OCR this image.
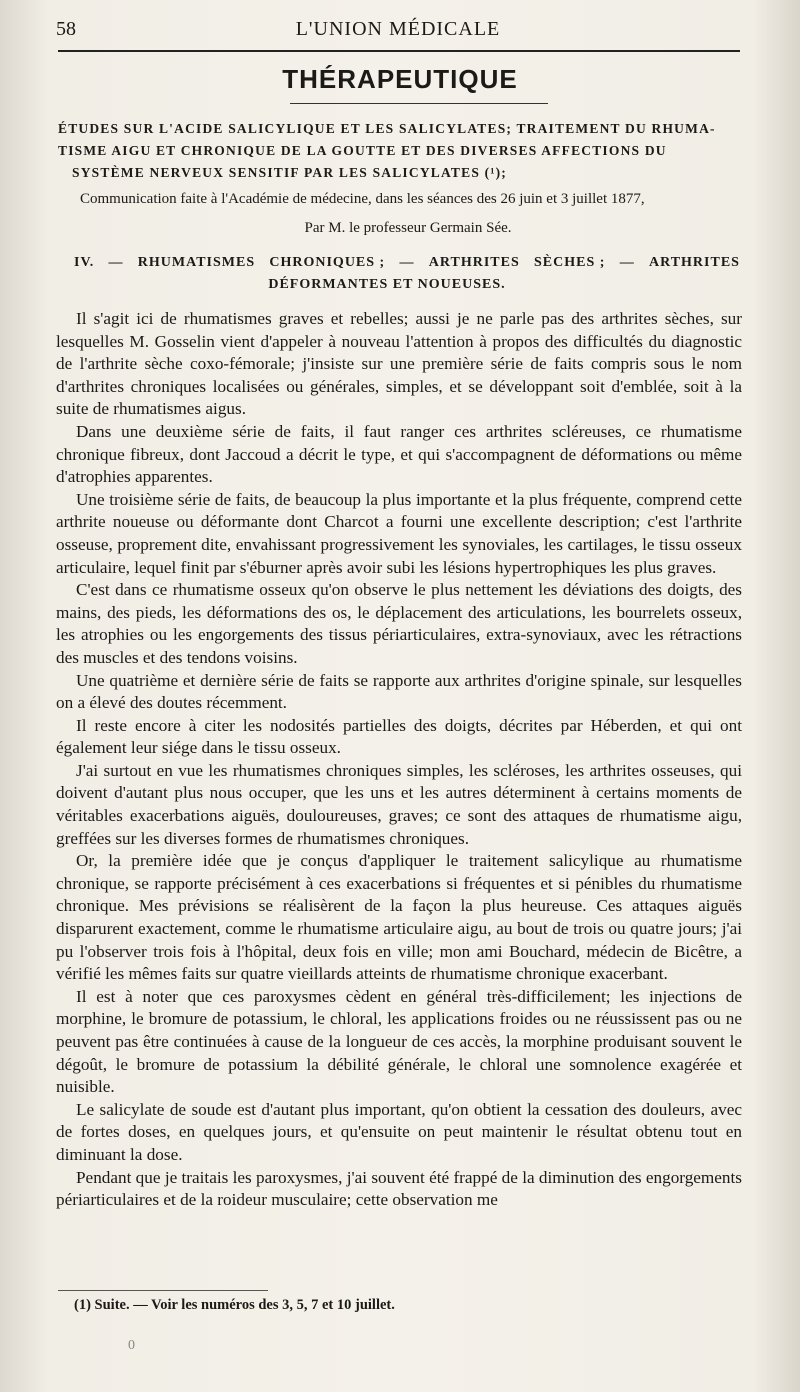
58	L'UNION MÉDICALE
THÉRAPEUTIQUE
ÉTUDES SUR L'ACIDE SALICYLIQUE ET LES SALICYLATES; TRAITEMENT DU RHUMA-
TISME AIGU ET CHRONIQUE DE LA GOUTTE ET DES DIVERSES AFFECTIONS DU
SYSTÈME NERVEUX SENSITIF PAR LES SALICYLATES (¹);
Communication faite à l'Académie de médecine, dans les séances des 26 juin et 3 juillet 1877,
Par M. le professeur Germain Sée.
IV. — RHUMATISMES CHRONIQUES ; — ARTHRITES SÈCHES ; — ARTHRITES
DÉFORMANTES ET NOUEUSES.

Il s'agit ici de rhumatismes graves et rebelles; aussi je ne parle pas des arthrites sèches, sur lesquelles M. Gosselin vient d'appeler à nouveau l'attention à propos des difficultés du diagnostic de l'arthrite sèche coxo-fémorale; j'insiste sur une première série de faits compris sous le nom d'arthrites chroniques localisées ou générales, simples, et se développant soit d'emblée, soit à la suite de rhumatismes aigus.

Dans une deuxième série de faits, il faut ranger ces arthrites scléreuses, ce rhumatisme chronique fibreux, dont Jaccoud a décrit le type, et qui s'accompagnent de déformations ou même d'atrophies apparentes.

Une troisième série de faits, de beaucoup la plus importante et la plus fréquente, comprend cette arthrite noueuse ou déformante dont Charcot a fourni une excellente description; c'est l'arthrite osseuse, proprement dite, envahissant progressivement les synoviales, les cartilages, le tissu osseux articulaire, lequel finit par s'éburner après avoir subi les lésions hypertrophiques les plus graves.

C'est dans ce rhumatisme osseux qu'on observe le plus nettement les déviations des doigts, des mains, des pieds, les déformations des os, le déplacement des articulations, les bourrelets osseux, les atrophies ou les engorgements des tissus périarticulaires, extra-synoviaux, avec les rétractions des muscles et des tendons voisins.

Une quatrième et dernière série de faits se rapporte aux arthrites d'origine spinale, sur lesquelles on a élevé des doutes récemment.

Il reste encore à citer les nodosités partielles des doigts, décrites par Héberden, et qui ont également leur siége dans le tissu osseux.

J'ai surtout en vue les rhumatismes chroniques simples, les scléroses, les arthrites osseuses, qui doivent d'autant plus nous occuper, que les uns et les autres déterminent à certains moments de véritables exacerbations aiguës, douloureuses, graves; ce sont des attaques de rhumatisme aigu, greffées sur les diverses formes de rhumatismes chroniques.

Or, la première idée que je conçus d'appliquer le traitement salicylique au rhumatisme chronique, se rapporte précisément à ces exacerbations si fréquentes et si pénibles du rhumatisme chronique. Mes prévisions se réalisèrent de la façon la plus heureuse. Ces attaques aiguës disparurent exactement, comme le rhumatisme articulaire aigu, au bout de trois ou quatre jours; j'ai pu l'observer trois fois à l'hôpital, deux fois en ville; mon ami Bouchard, médecin de Bicêtre, a vérifié les mêmes faits sur quatre vieillards atteints de rhumatisme chronique exacerbant.

Il est à noter que ces paroxysmes cèdent en général très-difficilement; les injections de morphine, le bromure de potassium, le chloral, les applications froides ou ne réussissent pas ou ne peuvent pas être continuées à cause de la longueur de ces accès, la morphine produisant souvent le dégoût, le bromure de potassium la débilité générale, le chloral une somnolence exagérée et nuisible.

Le salicylate de soude est d'autant plus important, qu'on obtient la cessation des douleurs, avec de fortes doses, en quelques jours, et qu'ensuite on peut maintenir le résultat obtenu tout en diminuant la dose.

Pendant que je traitais les paroxysmes, j'ai souvent été frappé de la diminution des engorgements périarticulaires et de la roideur musculaire; cette observation me

(1) Suite. — Voir les numéros des 3, 5, 7 et 10 juillet.
0
